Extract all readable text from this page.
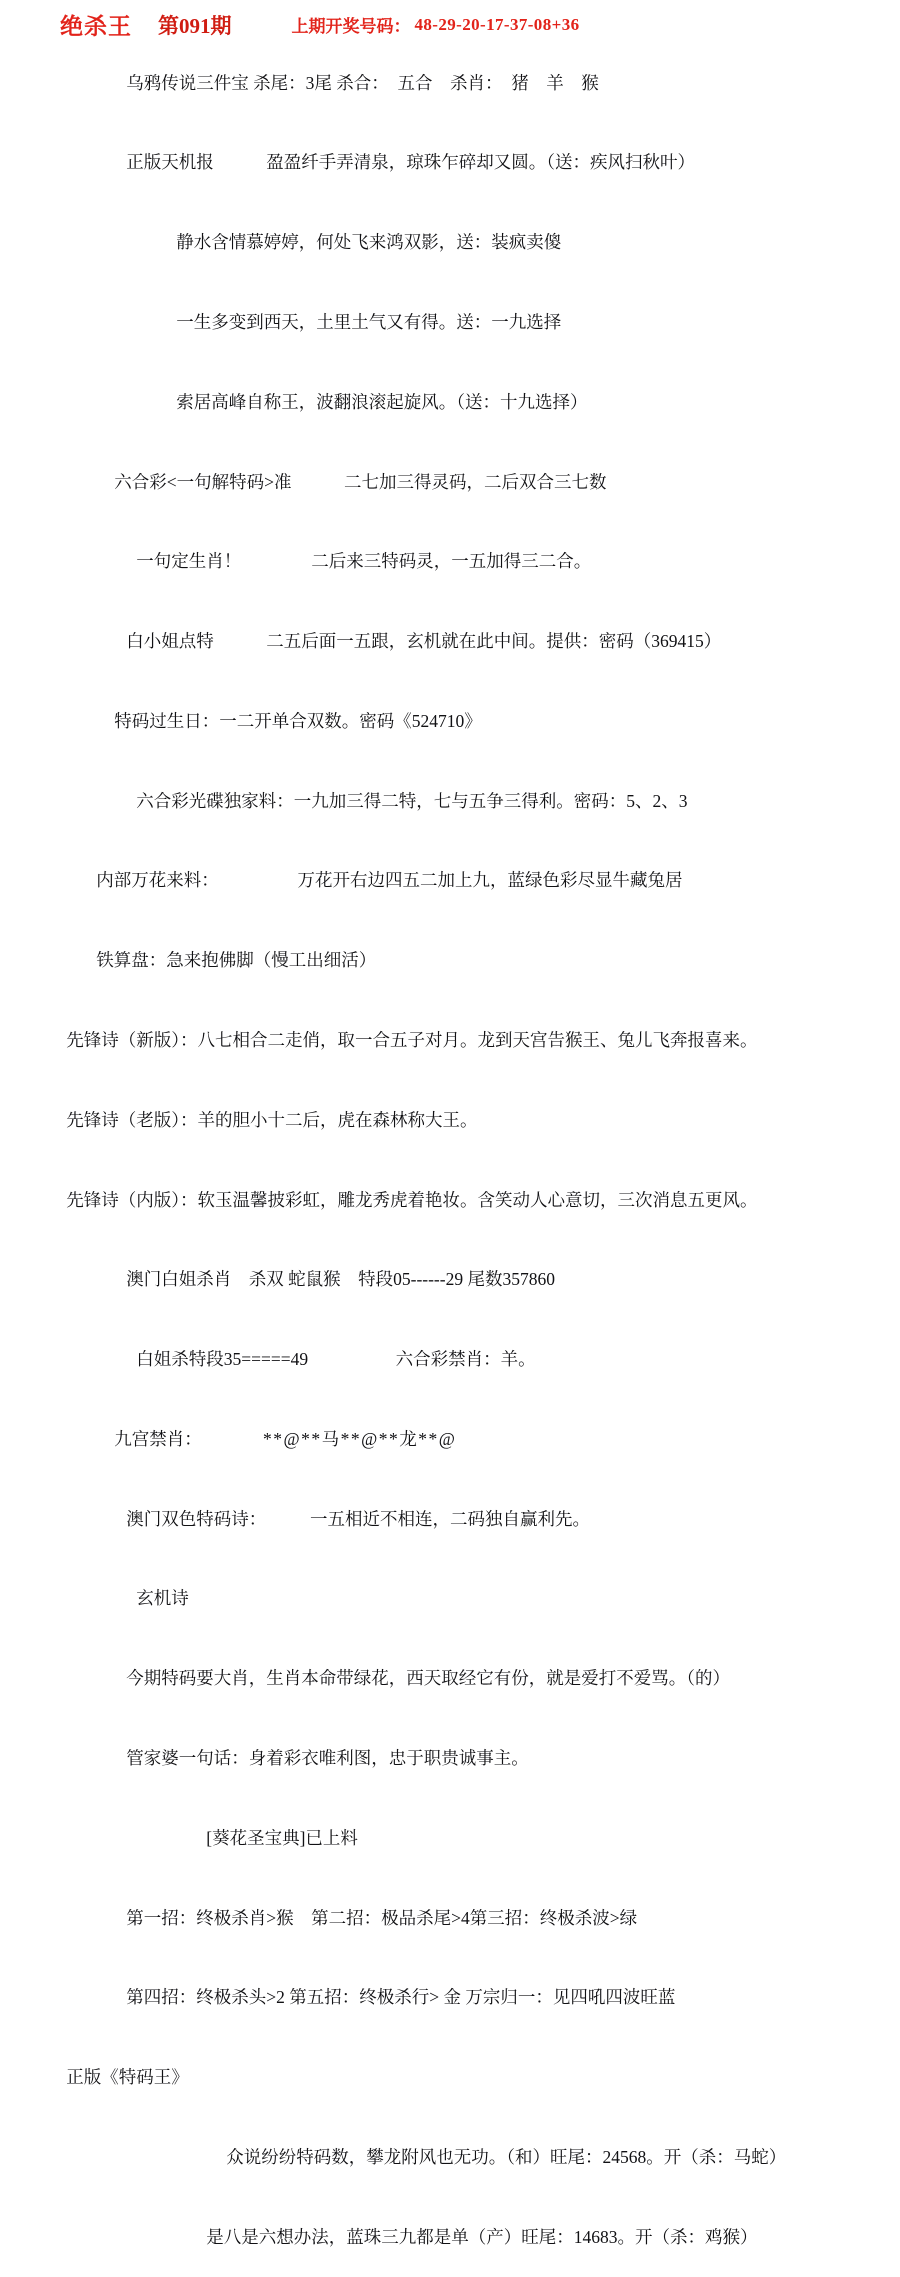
绝杀王 第091期	上期开奖号码： 48-29-20-17-37-08+36

乌鸦传说三件宝 杀尾：3尾 杀合：　五合　 杀肖：　猪　羊　猴

正版天机报　　　	盈盈纤手弄清泉，琼珠乍碎却又圆。（送：疾风扫秋叶）

静水含情慕婷婷，何处飞来鸿双影，送：装疯卖傻

一生多变到西天，土里土气又有得。送：一九选择

索居高峰自称王，波翻浪滚起旋风。（送：十九选择）

六合彩<一句解特码>准　　　	二七加三得灵码，二后双合三七数

一句定生肖！　　　　	二后来三特码灵，一五加得三二合。

白小姐点特　　　	二五后面一五跟，玄机就在此中间。提供：密码（369415）

特码过生日：一二开单合双数。密码《524710》

六合彩光碟独家料：一九加三得二特，七与五争三得利。密码：5、2、3

内部万花来料：　　　　　	万花开右边四五二加上九，蓝绿色彩尽显牛藏兔居

铁算盘：急来抱佛脚（慢工出细活）

先锋诗（新版）：八七相合二走俏，取一合五子对月。龙到天宫告猴王、兔儿飞奔报喜来。

先锋诗（老版）：羊的胆小十二后，虎在森林称大王。

先锋诗（内版）：软玉温馨披彩虹，雕龙秀虎着艳妆。含笑动人心意切，三次消息五更风。

澳门白姐杀肖　杀双 蛇鼠猴　特段05------29 尾数357860

白姐杀特段35=====49　　　　　	六合彩禁肖：羊。

九宫禁肖：　　　　	**@**马**@**龙**@

澳门双色特码诗：　　　	一五相近不相连，二码独自赢利先。

玄机诗

今期特码要大肖，生肖本命带绿花，西天取经它有份，就是爱打不爱骂。（的）

管家婆一句话：身着彩衣唯利图，忠于职贵诚事主。

[葵花圣宝典]已上料

第一招：终极杀肖>猴　第二招：极品杀尾>4第三招：终极杀波>绿

第四招：终极杀头>2 第五招：终极杀行> 金 万宗归一：见四吼四波旺蓝

正版《特码王》

众说纷纷特码数，攀龙附风也无功。（和）旺尾：24568。开（杀：马蛇）

是八是六想办法，蓝珠三九都是单（产）旺尾：14683。开（杀：鸡猴）
